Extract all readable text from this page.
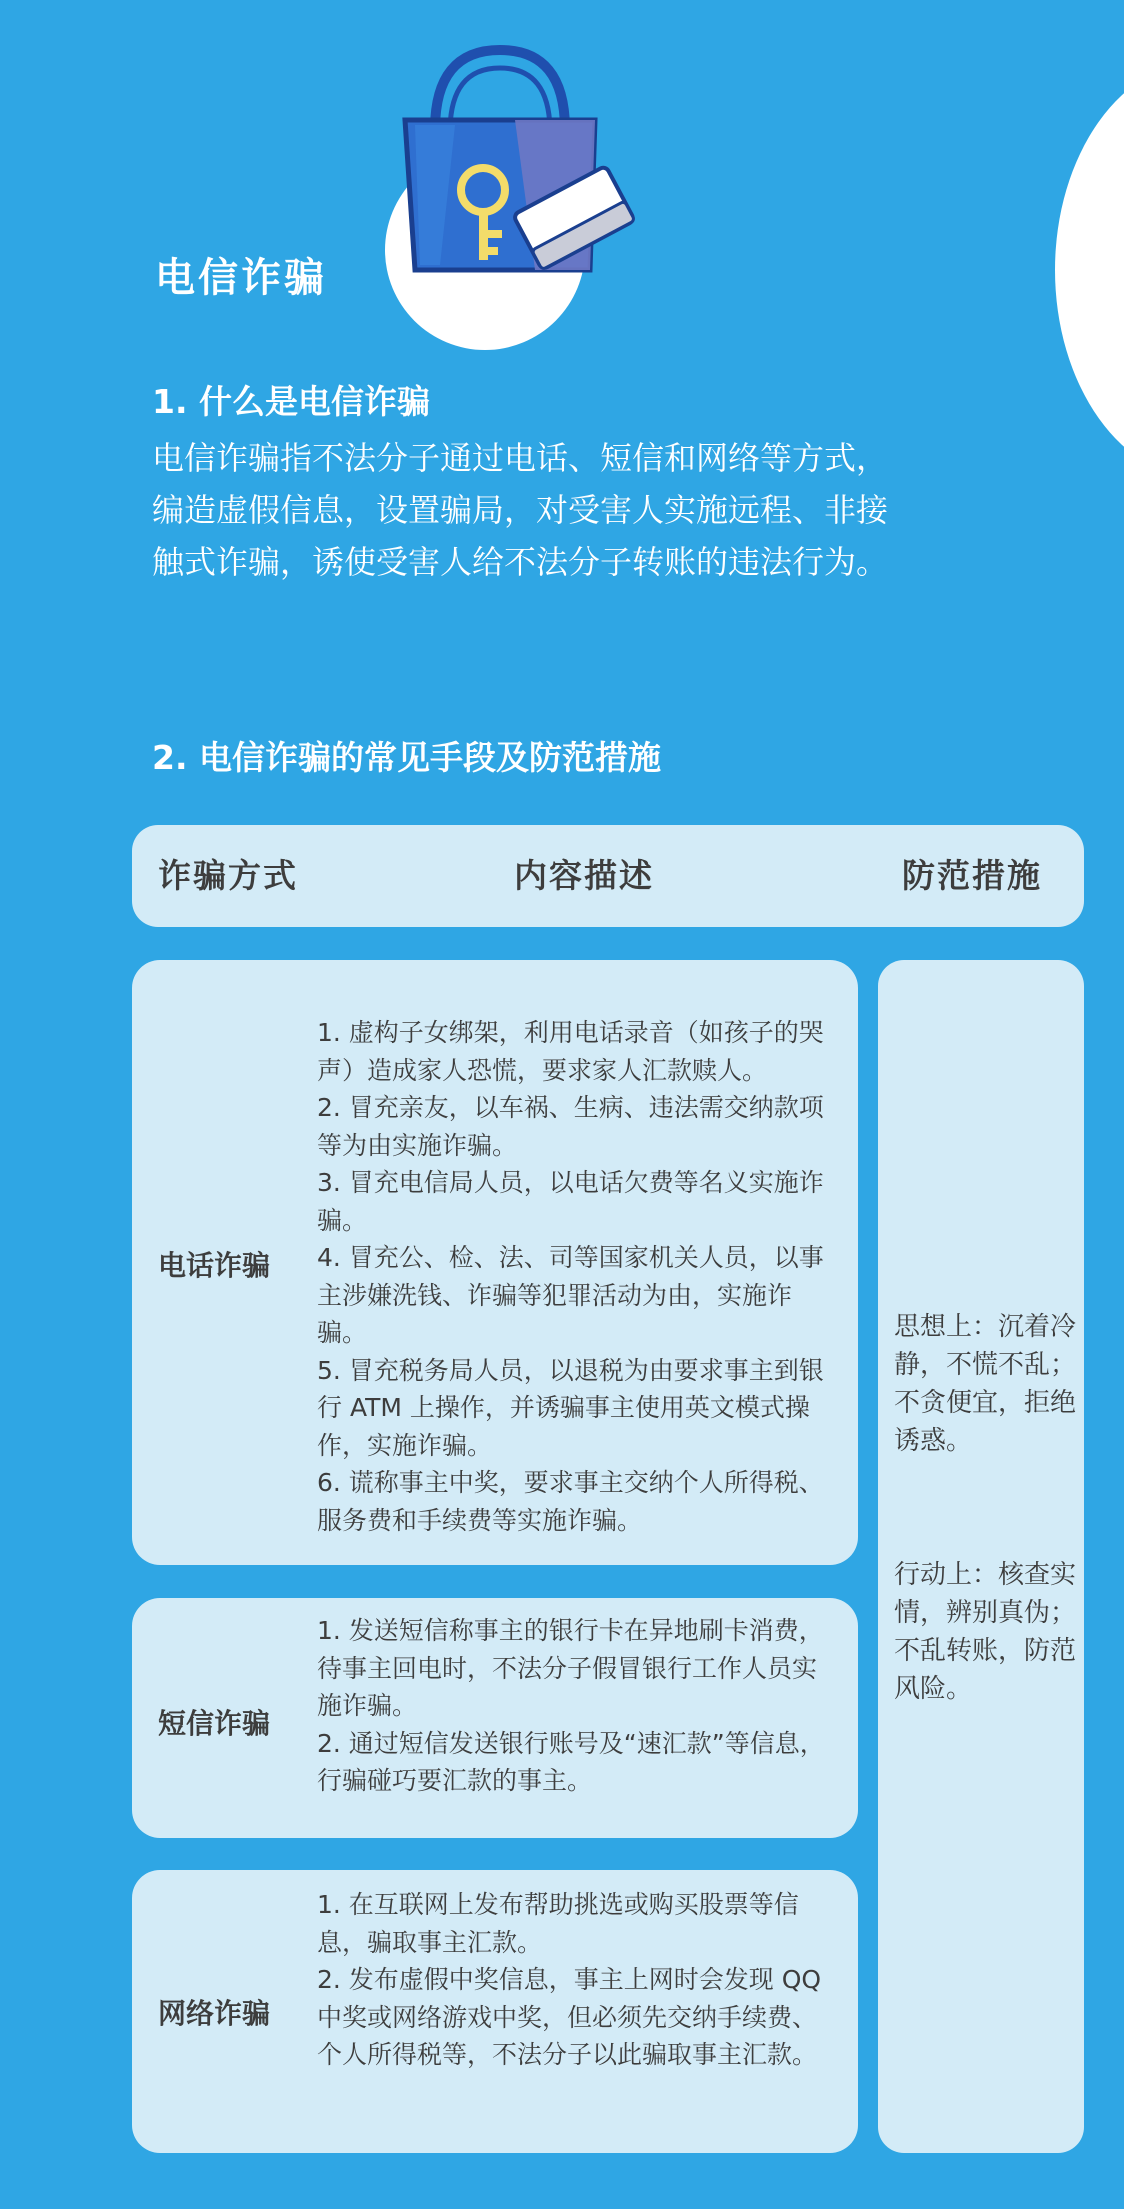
电信诈骗
1. 什么是电信诈骗
电信诈骗指不法分子通过电话、短信和网络等方式，编造虚假信息，设置骗局，对受害人实施远程、非接触式诈骗，诱使受害人给不法分子转账的违法行为。
2. 电信诈骗的常见手段及防范措施
诈骗方式	内容描述	防范措施
电话诈骗
1. 虚构子女绑架，利用电话录音（如孩子的哭声）造成家人恐慌，要求家人汇款赎人。
2. 冒充亲友，以车祸、生病、违法需交纳款项等为由实施诈骗。
3. 冒充电信局人员，以电话欠费等名义实施诈骗。
4. 冒充公、检、法、司等国家机关人员，以事主涉嫌洗钱、诈骗等犯罪活动为由，实施诈骗。
5. 冒充税务局人员，以退税为由要求事主到银行 ATM 上操作，并诱骗事主使用英文模式操作，实施诈骗。
6. 谎称事主中奖，要求事主交纳个人所得税、服务费和手续费等实施诈骗。
短信诈骗
1. 发送短信称事主的银行卡在异地刷卡消费，待事主回电时，不法分子假冒银行工作人员实施诈骗。
2. 通过短信发送银行账号及“速汇款”等信息，行骗碰巧要汇款的事主。
网络诈骗
1. 在互联网上发布帮助挑选或购买股票等信息，骗取事主汇款。
2. 发布虚假中奖信息，事主上网时会发现 QQ 中奖或网络游戏中奖，但必须先交纳手续费、个人所得税等，不法分子以此骗取事主汇款。
思想上：沉着冷静，不慌不乱；不贪便宜，拒绝诱惑。
行动上：核查实情，辨别真伪；不乱转账，防范风险。
